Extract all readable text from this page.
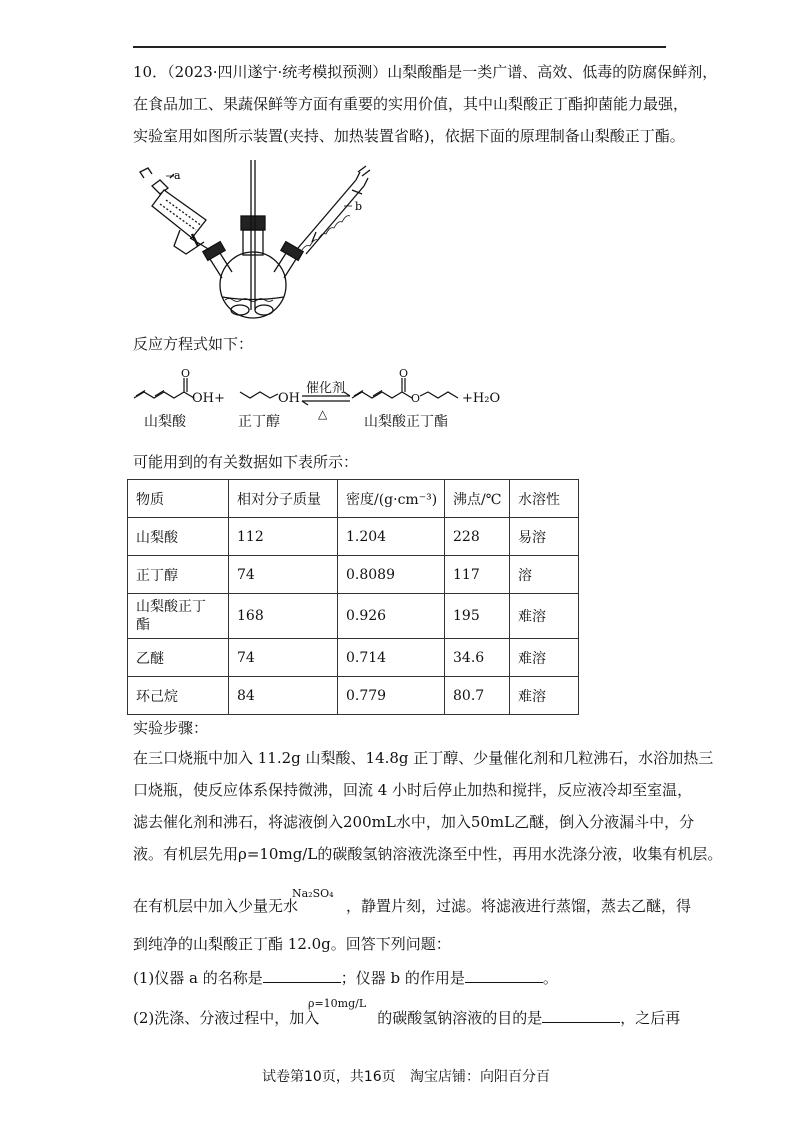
10．（2023·四川遂宁·统考模拟预测）山梨酸酯是一类广谱、高效、低毒的防腐保鲜剂，
在食品加工、果蔬保鲜等方面有重要的实用价值，其中山梨酸正丁酯抑菌能力最强，
实验室用如图所示装置(夹持、加热装置省略)，依据下面的原理制备山梨酸正丁酯。
a
b
反应方程式如下：
OH +	OH
O	O
O
催化剂
△
+H₂O
山梨酸	正丁醇	山梨酸正丁酯
可能用到的有关数据如下表所示：
物质	相对分子质量	密度/(g·cm⁻³)	沸点/℃	水溶性
山梨酸	112	1.204	228	易溶
正丁醇	74	0.8089	117	溶
山梨酸正丁
酯	168	0.926	195	难溶
乙醚	74	0.714	34.6	难溶
环己烷	84	0.779	80.7	难溶
实验步骤：
在三口烧瓶中加入 11.2g 山梨酸、14.8g 正丁醇、少量催化剂和几粒沸石，水浴加热三
口烧瓶，使反应体系保持微沸，回流 4 小时后停止加热和搅拌，反应液冷却至室温，
滤去催化剂和沸石，将滤液倒入200mL水中，加入50mL乙醚，倒入分液漏斗中，分
液。有机层先用ρ=10mg/L的碳酸氢钠溶液洗涤至中性，再用水洗涤分液，收集有机层。
Na₂SO₄
在有机层中加入少量无水	，静置片刻，过滤。将滤液进行蒸馏，蒸去乙醚，得
到纯净的山梨酸正丁酯 12.0g。回答下列问题：
(1)仪器 a 的名称是	；仪器 b 的作用是	。
ρ=10mg/L
(2)洗涤、分液过程中，加入	的碳酸氢钠溶液的目的是	，之后再
试卷第10页，共16页 淘宝店铺：向阳百分百
